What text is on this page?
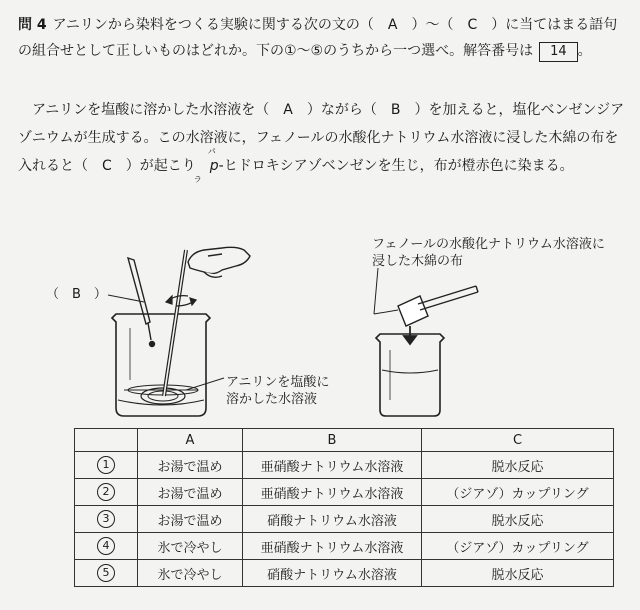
問 4 アニリンから染料をつくる実験に関する次の文の（　A　）〜（　C　）に当てはまる語句の組合せとして正しいものはどれか。下の①〜⑤のうちから一つ選べ。解答番号は 14 。
アニリンを塩酸に溶かした水溶液を（　A　）ながら（　B　）を加えると，塩化ベンゼンジアゾニウムが生成する。この水溶液に，フェノールの水酸化ナトリウム水溶液に浸した木綿の布を入れると（　C　）が起こり
パラ
p‐ヒドロキシアゾベンゼンを生じ，布が橙赤色に染まる。
（　B　）
アニリンを塩酸に
溶かした水溶液
フェノールの水酸化ナトリウム水溶液に
浸した木綿の布
	A	B	C
1	お湯で温め	亜硝酸ナトリウム水溶液	脱水反応
2	お湯で温め	亜硝酸ナトリウム水溶液	（ジアゾ）カップリング
3	お湯で温め	硝酸ナトリウム水溶液	脱水反応
4	氷で冷やし	亜硝酸ナトリウム水溶液	（ジアゾ）カップリング
5	氷で冷やし	硝酸ナトリウム水溶液	脱水反応
